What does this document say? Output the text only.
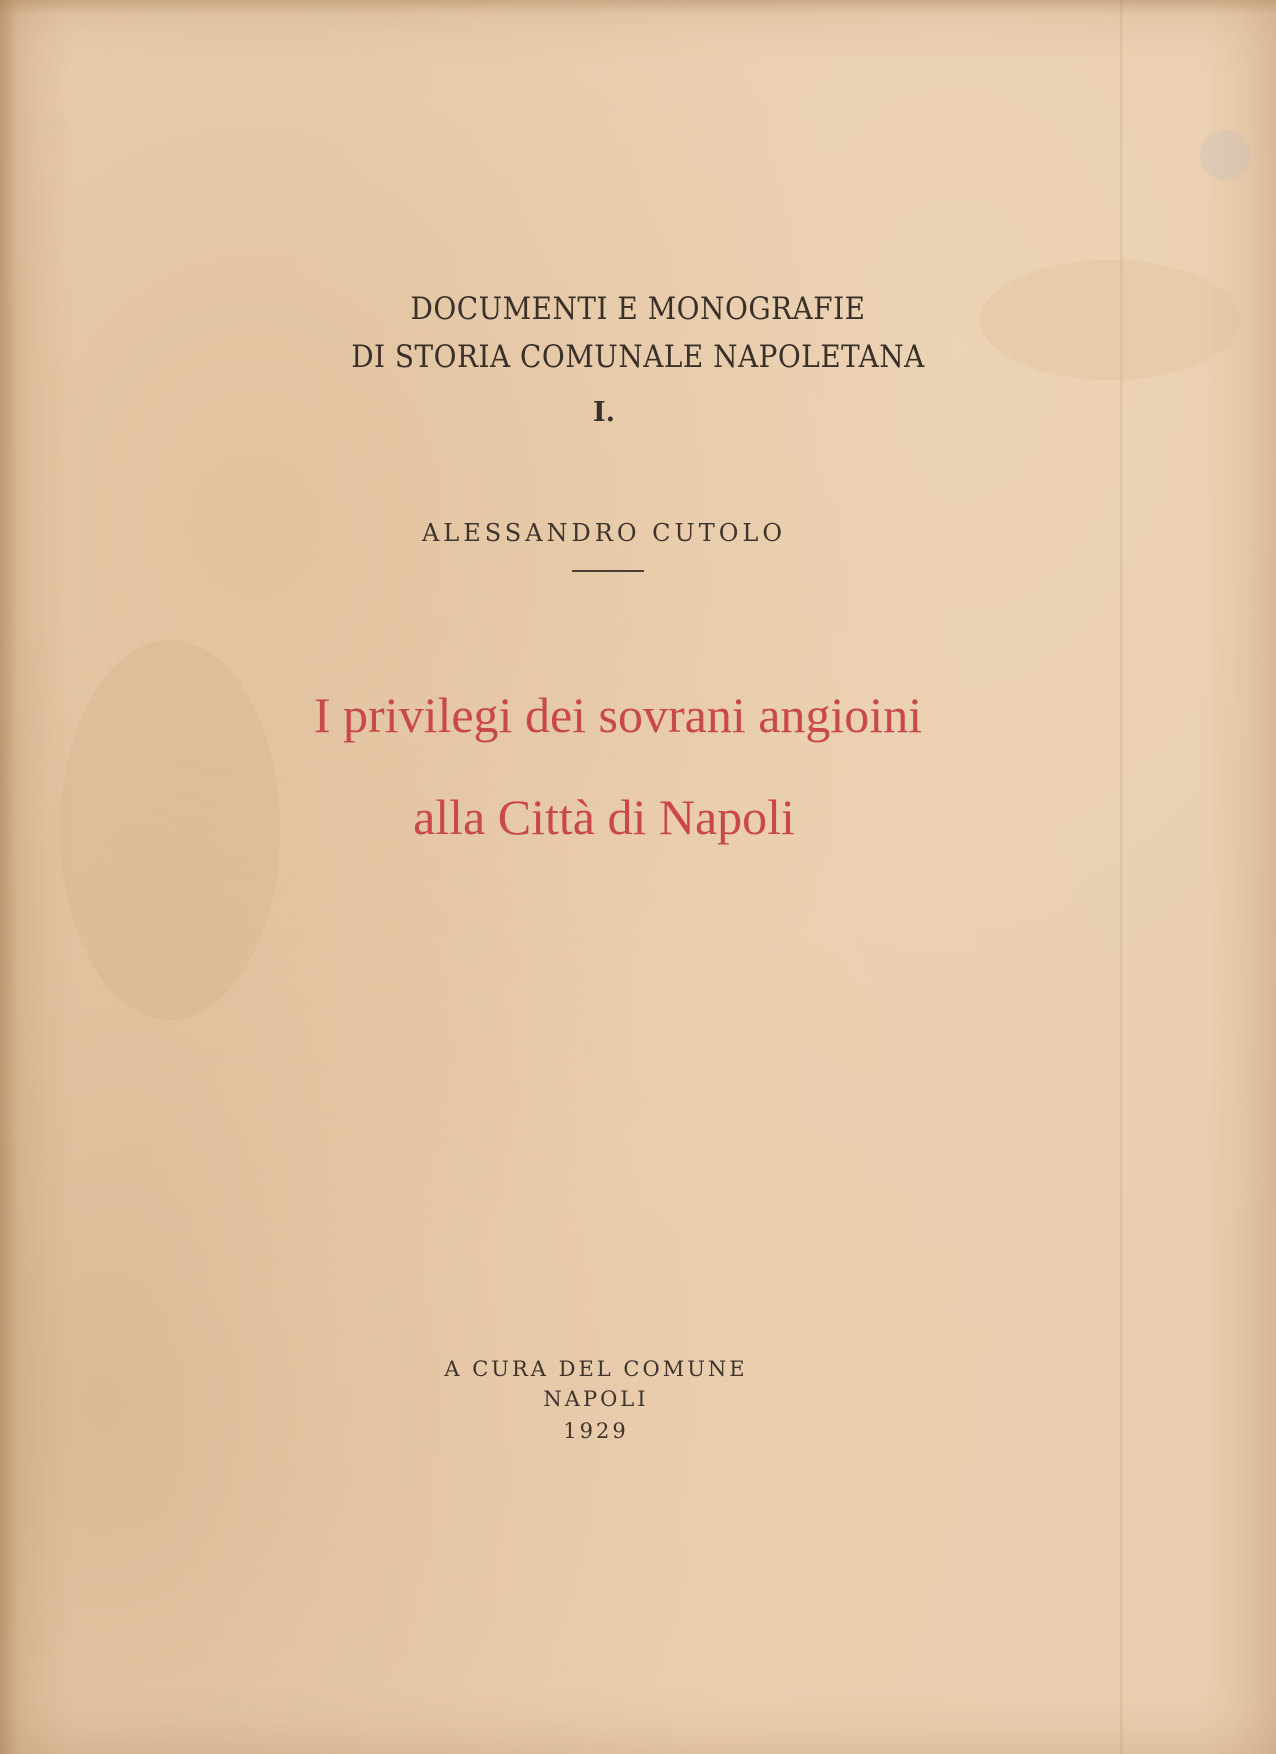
DOCUMENTI E MONOGRAFIE
DI STORIA COMUNALE NAPOLETANA
I.
ALESSANDRO CUTOLO
I privilegi dei sovrani angioini
alla Città di Napoli
A CURA DEL COMUNE
NAPOLI
1929
